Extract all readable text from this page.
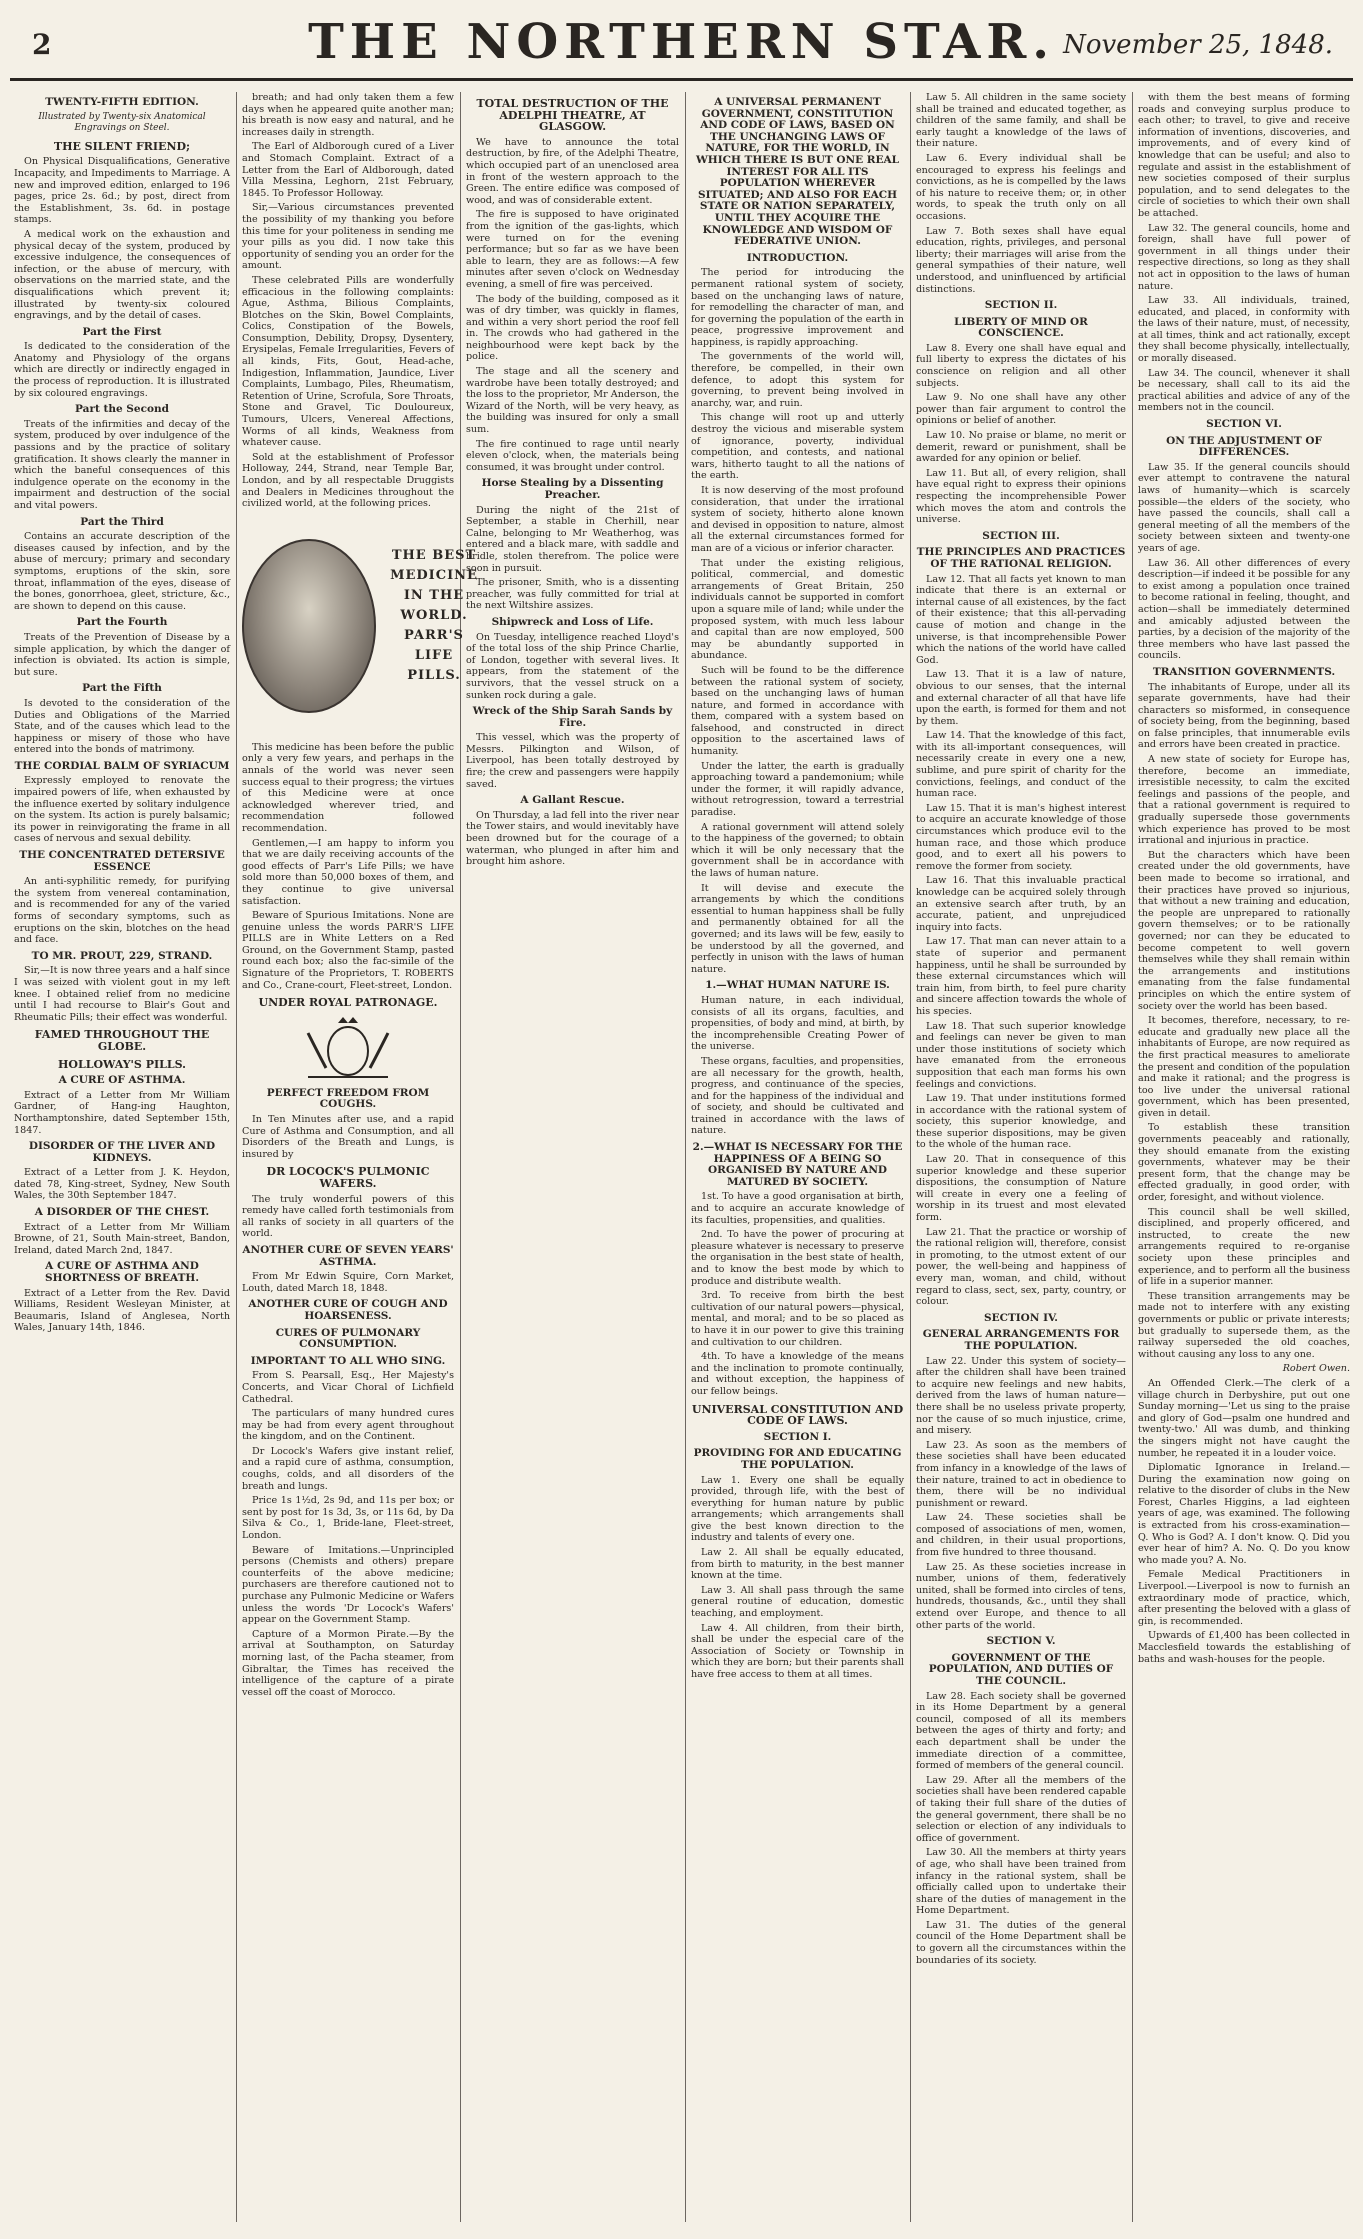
2	THE NORTHERN STAR. November 25, 1848.
TWENTY-FIFTH EDITION.
Illustrated by Twenty-six Anatomical Engravings on Steel.
THE SILENT FRIEND;

On Physical Disqualifications, Generative Incapacity, and Impediments to Marriage. A new and improved edition, enlarged to 196 pages, price 2s. 6d.; by post, direct from the Establishment, 3s. 6d. in postage stamps.

A medical work on the exhaustion and physical decay of the system, produced by excessive indulgence, the consequences of infection, or the abuse of mercury, with observations on the married state, and the disqualifications which prevent it; illustrated by twenty-six coloured engravings, and by the detail of cases.

Part the First

Is dedicated to the consideration of the Anatomy and Physiology of the organs which are directly or indirectly engaged in the process of reproduction. It is illustrated by six coloured engravings.

Part the Second

Treats of the infirmities and decay of the system, produced by over indulgence of the passions and by the practice of solitary gratification. It shows clearly the manner in which the baneful consequences of this indulgence operate on the economy in the impairment and destruction of the social and vital powers.

Part the Third

Contains an accurate description of the diseases caused by infection, and by the abuse of mercury; primary and secondary symptoms, eruptions of the skin, sore throat, inflammation of the eyes, disease of the bones, gonorrhoea, gleet, stricture, &c., are shown to depend on this cause.

Part the Fourth

Treats of the Prevention of Disease by a simple application, by which the danger of infection is obviated. Its action is simple, but sure.

Part the Fifth

Is devoted to the consideration of the Duties and Obligations of the Married State, and of the causes which lead to the happiness or misery of those who have entered into the bonds of matrimony.

THE CORDIAL BALM OF SYRIACUM

Expressly employed to renovate the impaired powers of life, when exhausted by the influence exerted by solitary indulgence on the system. Its action is purely balsamic; its power in reinvigorating the frame in all cases of nervous and sexual debility.

THE CONCENTRATED DETERSIVE ESSENCE

An anti-syphilitic remedy, for purifying the system from venereal contamination, and is recommended for any of the varied forms of secondary symptoms, such as eruptions on the skin, blotches on the head and face.

TO MR. PROUT, 229, STRAND.

Sir,—It is now three years and a half since I was seized with violent gout in my left knee. I obtained relief from no medicine until I had recourse to Blair's Gout and Rheumatic Pills; their effect was wonderful.

FAMED THROUGHOUT THE GLOBE.
HOLLOWAY'S PILLS.
A CURE OF ASTHMA.

Extract of a Letter from Mr William Gardner, of Hang-ing Haughton, Northamptonshire, dated September 15th, 1847.

DISORDER OF THE LIVER AND KIDNEYS.

Extract of a Letter from J. K. Heydon, dated 78, King-street, Sydney, New South Wales, the 30th September 1847.

A DISORDER OF THE CHEST.

Extract of a Letter from Mr William Browne, of 21, South Main-street, Bandon, Ireland, dated March 2nd, 1847.

A CURE OF ASTHMA AND SHORTNESS OF BREATH.

Extract of a Letter from the Rev. David Williams, Resident Wesleyan Minister, at Beaumaris, Island of Anglesea, North Wales, January 14th, 1846.

breath; and had only taken them a few days when he appeared quite another man; his breath is now easy and natural, and he increases daily in strength.

The Earl of Aldborough cured of a Liver and Stomach Complaint. Extract of a Letter from the Earl of Aldborough, dated Villa Messina, Leghorn, 21st February, 1845. To Professor Holloway.

Sir,—Various circumstances prevented the possibility of my thanking you before this time for your politeness in sending me your pills as you did. I now take this opportunity of sending you an order for the amount.

These celebrated Pills are wonderfully efficacious in the following complaints: Ague, Asthma, Bilious Complaints, Blotches on the Skin, Bowel Complaints, Colics, Constipation of the Bowels, Consumption, Debility, Dropsy, Dysentery, Erysipelas, Female Irregularities, Fevers of all kinds, Fits, Gout, Head-ache, Indigestion, Inflammation, Jaundice, Liver Complaints, Lumbago, Piles, Rheumatism, Retention of Urine, Scrofula, Sore Throats, Stone and Gravel, Tic Douloureux, Tumours, Ulcers, Venereal Affections, Worms of all kinds, Weakness from whatever cause.

Sold at the establishment of Professor Holloway, 244, Strand, near Temple Bar, London, and by all respectable Druggists and Dealers in Medicines throughout the civilized world, at the following prices.

THE BEST MEDICINE IN THE WORLD. PARR'S LIFE PILLS.

This medicine has been before the public only a very few years, and perhaps in the annals of the world was never seen success equal to their progress; the virtues of this Medicine were at once acknowledged wherever tried, and recommendation followed recommendation.

Gentlemen,—I am happy to inform you that we are daily receiving accounts of the good effects of Parr's Life Pills; we have sold more than 50,000 boxes of them, and they continue to give universal satisfaction.

Beware of Spurious Imitations. None are genuine unless the words PARR'S LIFE PILLS are in White Letters on a Red Ground, on the Government Stamp, pasted round each box; also the fac-simile of the Signature of the Proprietors, T. ROBERTS and Co., Crane-court, Fleet-street, London.

UNDER ROYAL PATRONAGE.
PERFECT FREEDOM FROM COUGHS.

In Ten Minutes after use, and a rapid Cure of Asthma and Consumption, and all Disorders of the Breath and Lungs, is insured by

DR LOCOCK'S PULMONIC WAFERS.

The truly wonderful powers of this remedy have called forth testimonials from all ranks of society in all quarters of the world.

ANOTHER CURE OF SEVEN YEARS' ASTHMA.

From Mr Edwin Squire, Corn Market, Louth, dated March 18, 1848.

ANOTHER CURE OF COUGH AND HOARSENESS.
CURES OF PULMONARY CONSUMPTION.
IMPORTANT TO ALL WHO SING.

From S. Pearsall, Esq., Her Majesty's Concerts, and Vicar Choral of Lichfield Cathedral.

The particulars of many hundred cures may be had from every agent throughout the kingdom, and on the Continent.

Dr Locock's Wafers give instant relief, and a rapid cure of asthma, consumption, coughs, colds, and all disorders of the breath and lungs.

Price 1s 1½d, 2s 9d, and 11s per box; or sent by post for 1s 3d, 3s, or 11s 6d, by Da Silva & Co., 1, Bride-lane, Fleet-street, London.

Beware of Imitations.—Unprincipled persons (Chemists and others) prepare counterfeits of the above medicine; purchasers are therefore cautioned not to purchase any Pulmonic Medicine or Wafers unless the words 'Dr Locock's Wafers' appear on the Government Stamp.

Capture of a Mormon Pirate.—By the arrival at Southampton, on Saturday morning last, of the Pacha steamer, from Gibraltar, the Times has received the intelligence of the capture of a pirate vessel off the coast of Morocco.

TOTAL DESTRUCTION OF THE ADELPHI THEATRE, AT GLASGOW.

We have to announce the total destruction, by fire, of the Adelphi Theatre, which occupied part of an unenclosed area in front of the western approach to the Green. The entire edifice was composed of wood, and was of considerable extent.

The fire is supposed to have originated from the ignition of the gas-lights, which were turned on for the evening performance; but so far as we have been able to learn, they are as follows:—A few minutes after seven o'clock on Wednesday evening, a smell of fire was perceived.

The body of the building, composed as it was of dry timber, was quickly in flames, and within a very short period the roof fell in. The crowds who had gathered in the neighbourhood were kept back by the police.

The stage and all the scenery and wardrobe have been totally destroyed; and the loss to the proprietor, Mr Anderson, the Wizard of the North, will be very heavy, as the building was insured for only a small sum.

The fire continued to rage until nearly eleven o'clock, when, the materials being consumed, it was brought under control.

Horse Stealing by a Dissenting Preacher.

During the night of the 21st of September, a stable in Cherhill, near Calne, belonging to Mr Weatherhog, was entered and a black mare, with saddle and bridle, stolen therefrom. The police were soon in pursuit.

The prisoner, Smith, who is a dissenting preacher, was fully committed for trial at the next Wiltshire assizes.

Shipwreck and Loss of Life.

On Tuesday, intelligence reached Lloyd's of the total loss of the ship Prince Charlie, of London, together with several lives. It appears, from the statement of the survivors, that the vessel struck on a sunken rock during a gale.

Wreck of the Ship Sarah Sands by Fire.

This vessel, which was the property of Messrs. Pilkington and Wilson, of Liverpool, has been totally destroyed by fire; the crew and passengers were happily saved.

A Gallant Rescue.

On Thursday, a lad fell into the river near the Tower stairs, and would inevitably have been drowned but for the courage of a waterman, who plunged in after him and brought him ashore.

A UNIVERSAL PERMANENT GOVERNMENT, CONSTITUTION AND CODE OF LAWS, BASED ON THE UNCHANGING LAWS OF NATURE, FOR THE WORLD, IN WHICH THERE IS BUT ONE REAL INTEREST FOR ALL ITS POPULATION WHEREVER SITUATED; AND ALSO FOR EACH STATE OR NATION SEPARATELY, UNTIL THEY ACQUIRE THE KNOWLEDGE AND WISDOM OF FEDERATIVE UNION.
INTRODUCTION.

The period for introducing the permanent rational system of society, based on the unchanging laws of nature, for remodelling the character of man, and for governing the population of the earth in peace, progressive improvement and happiness, is rapidly approaching.

The governments of the world will, therefore, be compelled, in their own defence, to adopt this system for governing, to prevent being involved in anarchy, war, and ruin.

This change will root up and utterly destroy the vicious and miserable system of ignorance, poverty, individual competition, and contests, and national wars, hitherto taught to all the nations of the earth.

It is now deserving of the most profound consideration, that under the irrational system of society, hitherto alone known and devised in opposition to nature, almost all the external circumstances formed for man are of a vicious or inferior character.

That under the existing religious, political, commercial, and domestic arrangements of Great Britain, 250 individuals cannot be supported in comfort upon a square mile of land; while under the proposed system, with much less labour and capital than are now employed, 500 may be abundantly supported in abundance.

Such will be found to be the difference between the rational system of society, based on the unchanging laws of human nature, and formed in accordance with them, compared with a system based on falsehood, and constructed in direct opposition to the ascertained laws of humanity.

Under the latter, the earth is gradually approaching toward a pandemonium; while under the former, it will rapidly advance, without retrogression, toward a terrestrial paradise.

A rational government will attend solely to the happiness of the governed; to obtain which it will be only necessary that the government shall be in accordance with the laws of human nature.

It will devise and execute the arrangements by which the conditions essential to human happiness shall be fully and permanently obtained for all the governed; and its laws will be few, easily to be understood by all the governed, and perfectly in unison with the laws of human nature.

1.—WHAT HUMAN NATURE IS.

Human nature, in each individual, consists of all its organs, faculties, and propensities, of body and mind, at birth, by the incomprehensible Creating Power of the universe.

These organs, faculties, and propensities, are all necessary for the growth, health, progress, and continuance of the species, and for the happiness of the individual and of society, and should be cultivated and trained in accordance with the laws of nature.

2.—WHAT IS NECESSARY FOR THE HAPPINESS OF A BEING SO ORGANISED BY NATURE AND MATURED BY SOCIETY.

1st. To have a good organisation at birth, and to acquire an accurate knowledge of its faculties, propensities, and qualities.

2nd. To have the power of procuring at pleasure whatever is necessary to preserve the organisation in the best state of health, and to know the best mode by which to produce and distribute wealth.

3rd. To receive from birth the best cultivation of our natural powers—physical, mental, and moral; and to be so placed as to have it in our power to give this training and cultivation to our children.

4th. To have a knowledge of the means and the inclination to promote continually, and without exception, the happiness of our fellow beings.

UNIVERSAL CONSTITUTION AND CODE OF LAWS.
SECTION I.
PROVIDING FOR AND EDUCATING THE POPULATION.

Law 1. Every one shall be equally provided, through life, with the best of everything for human nature by public arrangements; which arrangements shall give the best known direction to the industry and talents of every one.

Law 2. All shall be equally educated, from birth to maturity, in the best manner known at the time.

Law 3. All shall pass through the same general routine of education, domestic teaching, and employment.

Law 4. All children, from their birth, shall be under the especial care of the Association of Society or Township in which they are born; but their parents shall have free access to them at all times.

Law 5. All children in the same society shall be trained and educated together, as children of the same family, and shall be early taught a knowledge of the laws of their nature.

Law 6. Every individual shall be encouraged to express his feelings and convictions, as he is compelled by the laws of his nature to receive them; or, in other words, to speak the truth only on all occasions.

Law 7. Both sexes shall have equal education, rights, privileges, and personal liberty; their marriages will arise from the general sympathies of their nature, well understood, and uninfluenced by artificial distinctions.

SECTION II.
LIBERTY OF MIND OR CONSCIENCE.

Law 8. Every one shall have equal and full liberty to express the dictates of his conscience on religion and all other subjects.

Law 9. No one shall have any other power than fair argument to control the opinions or belief of another.

Law 10. No praise or blame, no merit or demerit, reward or punishment, shall be awarded for any opinion or belief.

Law 11. But all, of every religion, shall have equal right to express their opinions respecting the incomprehensible Power which moves the atom and controls the universe.

SECTION III.
THE PRINCIPLES AND PRACTICES OF THE RATIONAL RELIGION.

Law 12. That all facts yet known to man indicate that there is an external or internal cause of all existences, by the fact of their existence; that this all-pervading cause of motion and change in the universe, is that incomprehensible Power which the nations of the world have called God.

Law 13. That it is a law of nature, obvious to our senses, that the internal and external character of all that have life upon the earth, is formed for them and not by them.

Law 14. That the knowledge of this fact, with its all-important consequences, will necessarily create in every one a new, sublime, and pure spirit of charity for the convictions, feelings, and conduct of the human race.

Law 15. That it is man's highest interest to acquire an accurate knowledge of those circumstances which produce evil to the human race, and those which produce good, and to exert all his powers to remove the former from society.

Law 16. That this invaluable practical knowledge can be acquired solely through an extensive search after truth, by an accurate, patient, and unprejudiced inquiry into facts.

Law 17. That man can never attain to a state of superior and permanent happiness, until he shall be surrounded by these external circumstances which will train him, from birth, to feel pure charity and sincere affection towards the whole of his species.

Law 18. That such superior knowledge and feelings can never be given to man under those institutions of society which have emanated from the erroneous supposition that each man forms his own feelings and convictions.

Law 19. That under institutions formed in accordance with the rational system of society, this superior knowledge, and these superior dispositions, may be given to the whole of the human race.

Law 20. That in consequence of this superior knowledge and these superior dispositions, the consumption of Nature will create in every one a feeling of worship in its truest and most elevated form.

Law 21. That the practice or worship of the rational religion will, therefore, consist in promoting, to the utmost extent of our power, the well-being and happiness of every man, woman, and child, without regard to class, sect, sex, party, country, or colour.

SECTION IV.
GENERAL ARRANGEMENTS FOR THE POPULATION.

Law 22. Under this system of society—after the children shall have been trained to acquire new feelings and new habits, derived from the laws of human nature—there shall be no useless private property, nor the cause of so much injustice, crime, and misery.

Law 23. As soon as the members of these societies shall have been educated from infancy in a knowledge of the laws of their nature, trained to act in obedience to them, there will be no individual punishment or reward.

Law 24. These societies shall be composed of associations of men, women, and children, in their usual proportions, from five hundred to three thousand.

Law 25. As these societies increase in number, unions of them, federatively united, shall be formed into circles of tens, hundreds, thousands, &c., until they shall extend over Europe, and thence to all other parts of the world.

SECTION V.
GOVERNMENT OF THE POPULATION, AND DUTIES OF THE COUNCIL.

Law 28. Each society shall be governed in its Home Department by a general council, composed of all its members between the ages of thirty and forty; and each department shall be under the immediate direction of a committee, formed of members of the general council.

Law 29. After all the members of the societies shall have been rendered capable of taking their full share of the duties of the general government, there shall be no selection or election of any individuals to office of government.

Law 30. All the members at thirty years of age, who shall have been trained from infancy in the rational system, shall be officially called upon to undertake their share of the duties of management in the Home Department.

Law 31. The duties of the general council of the Home Department shall be to govern all the circumstances within the boundaries of its society.

with them the best means of forming roads and conveying surplus produce to each other; to travel, to give and receive information of inventions, discoveries, and improvements, and of every kind of knowledge that can be useful; and also to regulate and assist in the establishment of new societies composed of their surplus population, and to send delegates to the circle of societies to which their own shall be attached.

Law 32. The general councils, home and foreign, shall have full power of government in all things under their respective directions, so long as they shall not act in opposition to the laws of human nature.

Law 33. All individuals, trained, educated, and placed, in conformity with the laws of their nature, must, of necessity, at all times, think and act rationally, except they shall become physically, intellectually, or morally diseased.

Law 34. The council, whenever it shall be necessary, shall call to its aid the practical abilities and advice of any of the members not in the council.

SECTION VI.
ON THE ADJUSTMENT OF DIFFERENCES.

Law 35. If the general councils should ever attempt to contravene the natural laws of humanity—which is scarcely possible—the elders of the society, who have passed the councils, shall call a general meeting of all the members of the society between sixteen and twenty-one years of age.

Law 36. All other differences of every description—if indeed it be possible for any to exist among a population once trained to become rational in feeling, thought, and action—shall be immediately determined and amicably adjusted between the parties, by a decision of the majority of the three members who have last passed the councils.

TRANSITION GOVERNMENTS.

The inhabitants of Europe, under all its separate governments, have had their characters so misformed, in consequence of society being, from the beginning, based on false principles, that innumerable evils and errors have been created in practice.

A new state of society for Europe has, therefore, become an immediate, irresistible necessity, to calm the excited feelings and passions of the people, and that a rational government is required to gradually supersede those governments which experience has proved to be most irrational and injurious in practice.

But the characters which have been created under the old governments, have been made to become so irrational, and their practices have proved so injurious, that without a new training and education, the people are unprepared to rationally govern themselves; or to be rationally governed; nor can they be educated to become competent to well govern themselves while they shall remain within the arrangements and institutions emanating from the false fundamental principles on which the entire system of society over the world has been based.

It becomes, therefore, necessary, to re-educate and gradually new place all the inhabitants of Europe, are now required as the first practical measures to ameliorate the present and condition of the population and make it rational; and the progress is too live under the universal rational government, which has been presented, given in detail.

To establish these transition governments peaceably and rationally, they should emanate from the existing governments, whatever may be their present form, that the change may be effected gradually, in good order, with order, foresight, and without violence.

This council shall be well skilled, disciplined, and properly officered, and instructed, to create the new arrangements required to re-organise society upon these principles and experience, and to perform all the business of life in a superior manner.

These transition arrangements may be made not to interfere with any existing governments or public or private interests; but gradually to supersede them, as the railway superseded the old coaches, without causing any loss to any one.

Robert Owen.

An Offended Clerk.—The clerk of a village church in Derbyshire, put out one Sunday morning—'Let us sing to the praise and glory of God—psalm one hundred and twenty-two.' All was dumb, and thinking the singers might not have caught the number, he repeated it in a louder voice.

Diplomatic Ignorance in Ireland.—During the examination now going on relative to the disorder of clubs in the New Forest, Charles Higgins, a lad eighteen years of age, was examined. The following is extracted from his cross-examination—Q. Who is God? A. I don't know. Q. Did you ever hear of him? A. No. Q. Do you know who made you? A. No.

Female Medical Practitioners in Liverpool.—Liverpool is now to furnish an extraordinary mode of practice, which, after presenting the beloved with a glass of gin, is recommended.

Upwards of £1,400 has been collected in Macclesfield towards the establishing of baths and wash-houses for the people.
